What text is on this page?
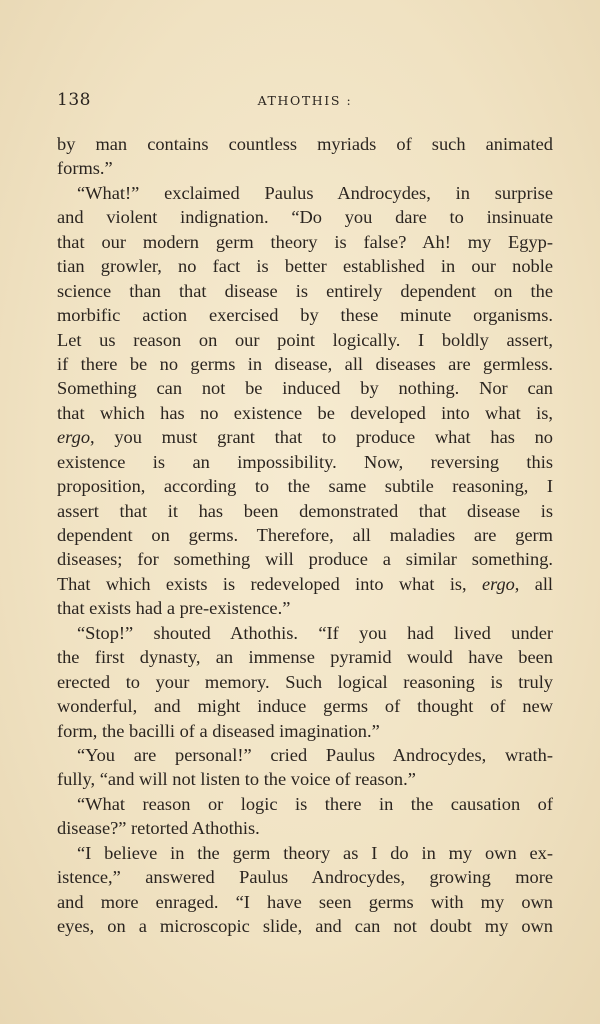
138	ATHOTHIS :
by man contains countless myriads of such animated
forms.”
“What!” exclaimed Paulus Androcydes, in surprise
and violent indignation. “Do you dare to insinuate
that our modern germ theory is false? Ah! my Egyp-
tian growler, no fact is better established in our noble
science than that disease is entirely dependent on the
morbific action exercised by these minute organisms.
Let us reason on our point logically. I boldly assert,
if there be no germs in disease, all diseases are germless.
Something can not be induced by nothing. Nor can
that which has no existence be developed into what is,
ergo, you must grant that to produce what has no
existence is an impossibility. Now, reversing this
proposition, according to the same subtile reasoning, I
assert that it has been demonstrated that disease is
dependent on germs. Therefore, all maladies are germ
diseases; for something will produce a similar something.
That which exists is redeveloped into what is, ergo, all
that exists had a pre-existence.”
“Stop!” shouted Athothis. “If you had lived under
the first dynasty, an immense pyramid would have been
erected to your memory. Such logical reasoning is truly
wonderful, and might induce germs of thought of new
form, the bacilli of a diseased imagination.”
“You are personal!” cried Paulus Androcydes, wrath-
fully, “and will not listen to the voice of reason.”
“What reason or logic is there in the causation of
disease?” retorted Athothis.
“I believe in the germ theory as I do in my own ex-
istence,” answered Paulus Androcydes, growing more
and more enraged. “I have seen germs with my own
eyes, on a microscopic slide, and can not doubt my own
